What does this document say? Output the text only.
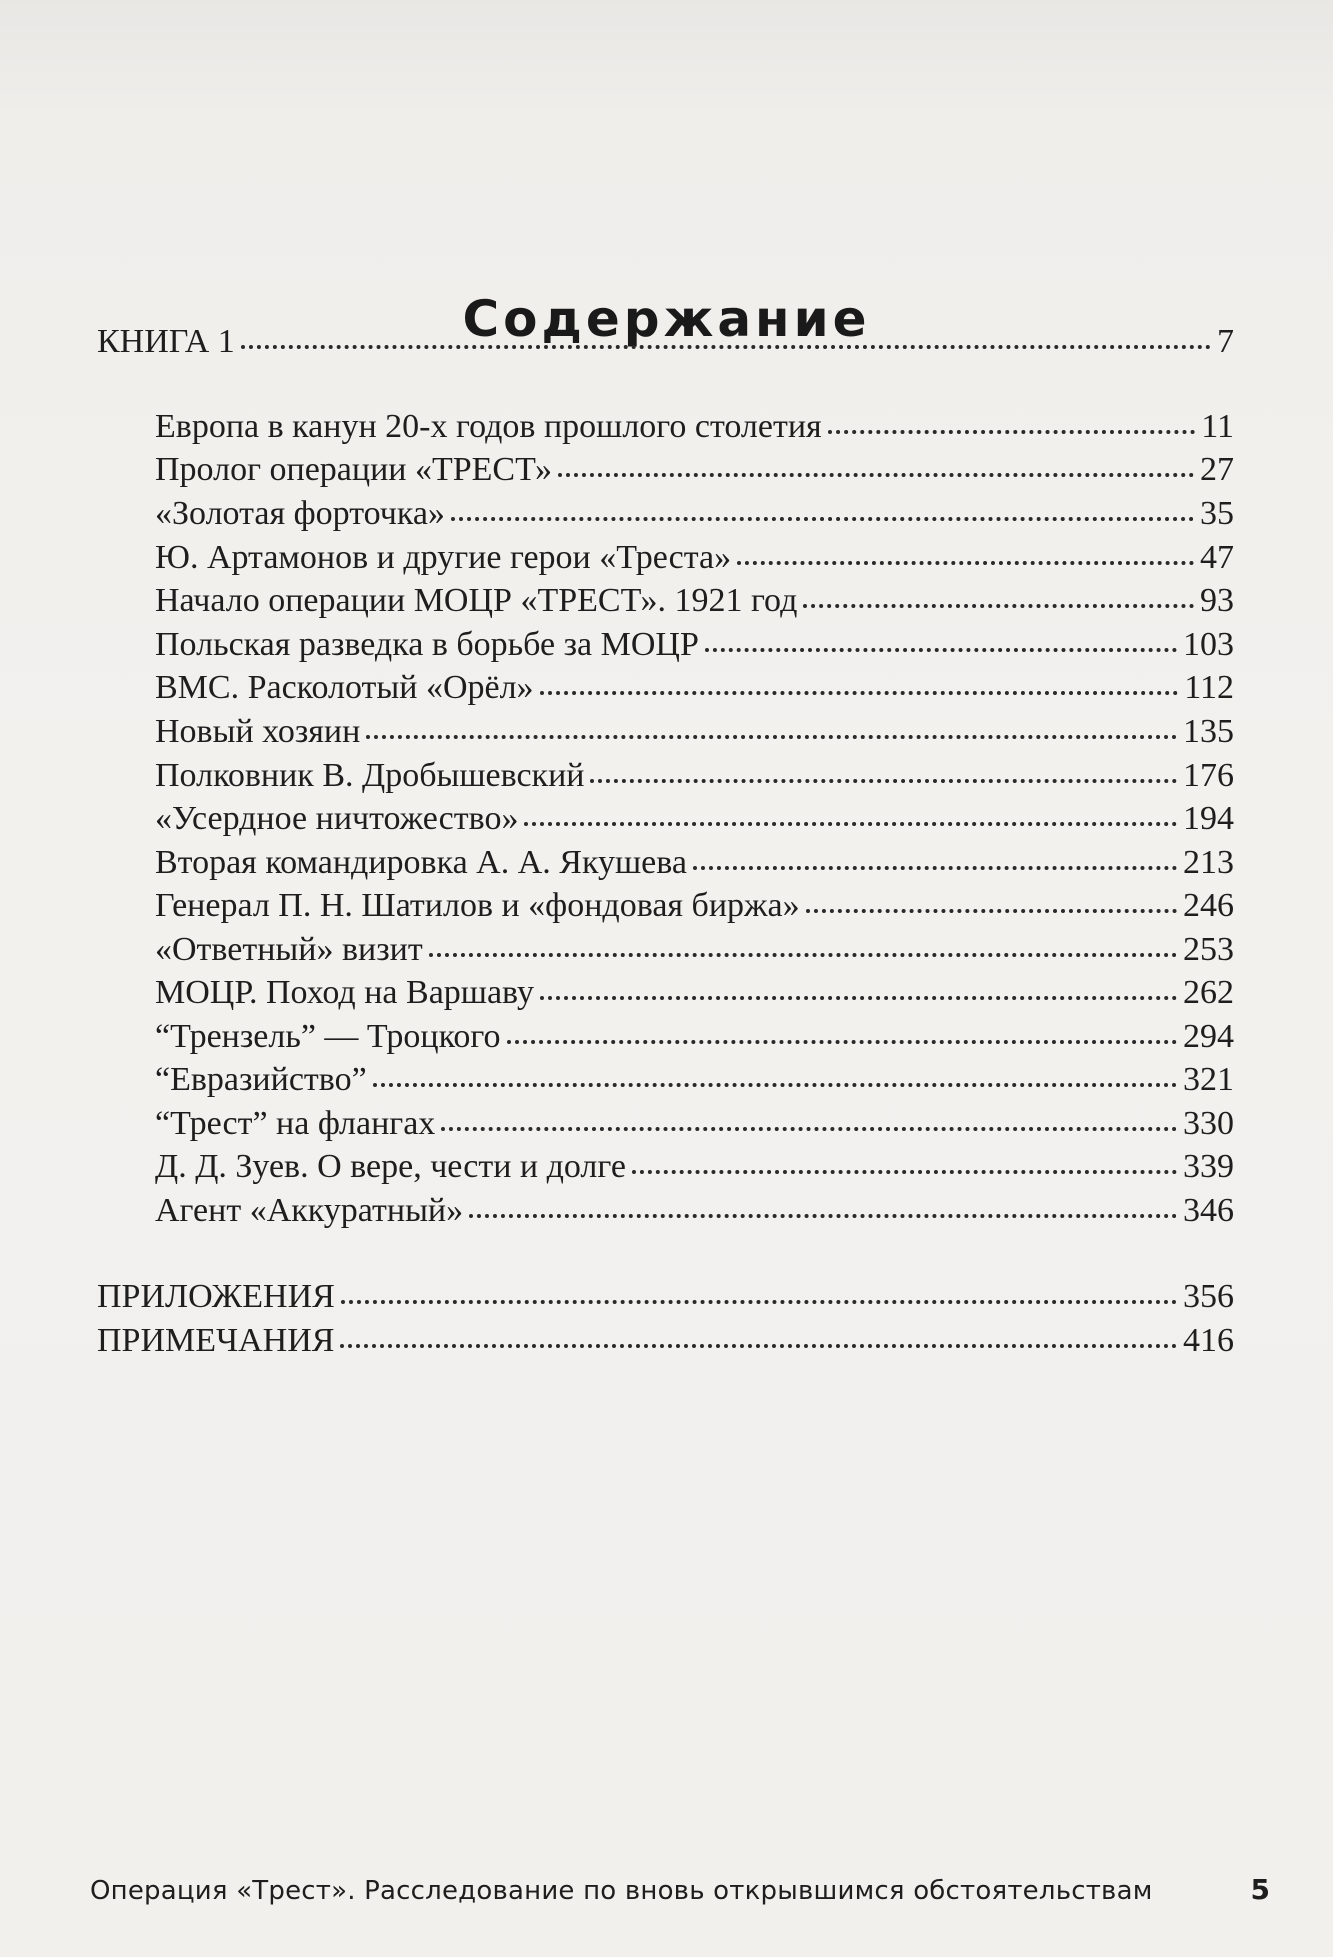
Содержание
КНИГА 1	7
Европа в канун 20-х годов прошлого столетия	11
Пролог операции «ТРЕСТ»	27
«Золотая форточка»	35
Ю. Артамонов и другие герои «Треста»	47
Начало операции МОЦР «ТРЕСТ». 1921 год	93
Польская разведка в борьбе за МОЦР	103
ВМС. Расколотый «Орёл»	112
Новый хозяин	135
Полковник В. Дробышевский	176
«Усердное ничтожество»	194
Вторая командировка А. А. Якушева	213
Генерал П. Н. Шатилов и «фондовая биржа»	246
«Ответный» визит	253
МОЦР. Поход на Варшаву	262
“Трензель” — Троцкого	294
“Евразийство”	321
“Трест” на флангах	330
Д. Д. Зуев. О вере, чести и долге	339
Агент «Аккуратный»	346
ПРИЛОЖЕНИЯ	356
ПРИМЕЧАНИЯ	416
Операция «Трест». Расследование по вновь открывшимся обстоятельствам	5
